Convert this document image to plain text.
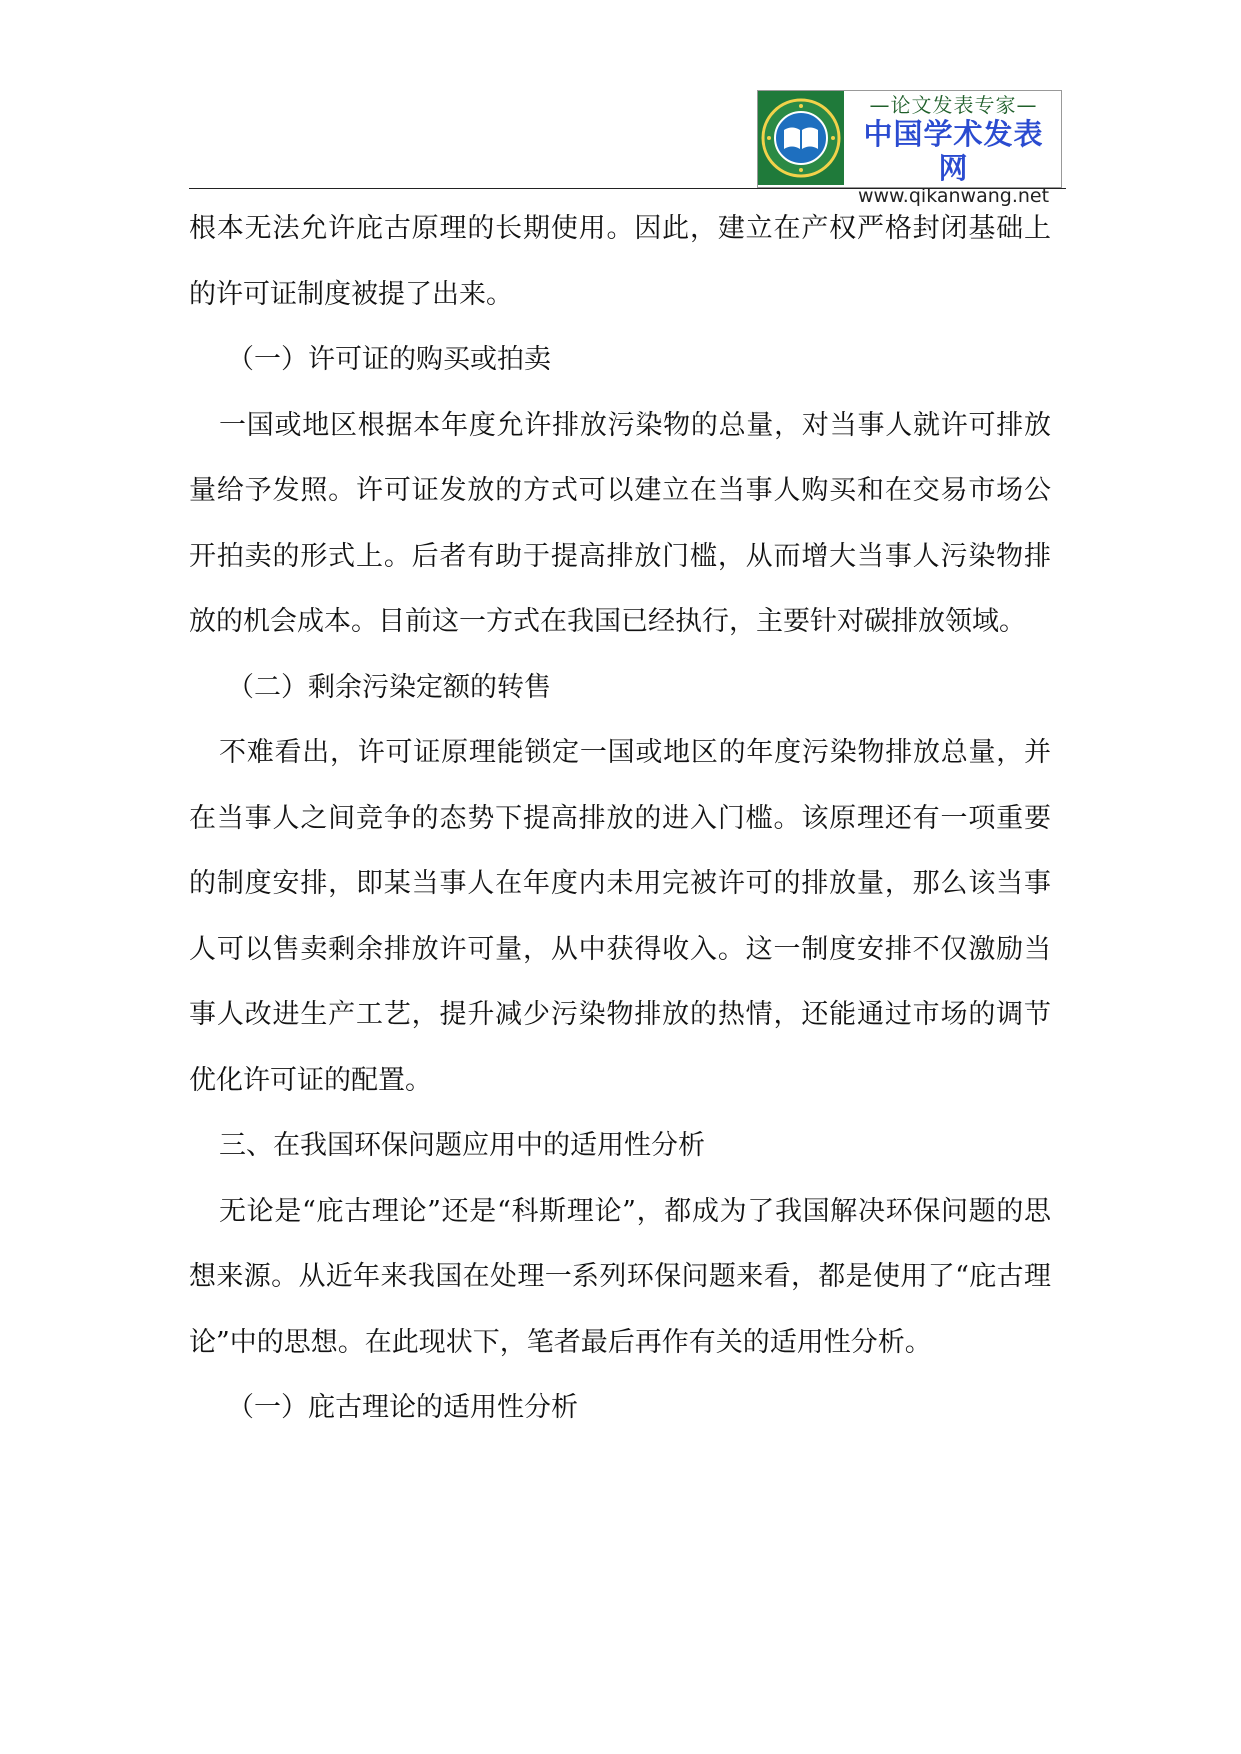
—论文发表专家—
中国学术发表网
www.qikanwang.net

根本无法允许庇古原理的长期使用。因此，建立在产权严格封闭基础上的许可证制度被提了出来。

（一）许可证的购买或拍卖

一国或地区根据本年度允许排放污染物的总量，对当事人就许可排放量给予发照。许可证发放的方式可以建立在当事人购买和在交易市场公开拍卖的形式上。后者有助于提高排放门槛，从而增大当事人污染物排放的机会成本。目前这一方式在我国已经执行，主要针对碳排放领域。

（二）剩余污染定额的转售

不难看出，许可证原理能锁定一国或地区的年度污染物排放总量，并在当事人之间竞争的态势下提高排放的进入门槛。该原理还有一项重要的制度安排，即某当事人在年度内未用完被许可的排放量，那么该当事人可以售卖剩余排放许可量，从中获得收入。这一制度安排不仅激励当事人改进生产工艺，提升减少污染物排放的热情，还能通过市场的调节优化许可证的配置。

三、在我国环保问题应用中的适用性分析

无论是“庇古理论”还是“科斯理论”，都成为了我国解决环保问题的思想来源。从近年来我国在处理一系列环保问题来看，都是使用了“庇古理论”中的思想。在此现状下，笔者最后再作有关的适用性分析。

（一）庇古理论的适用性分析
